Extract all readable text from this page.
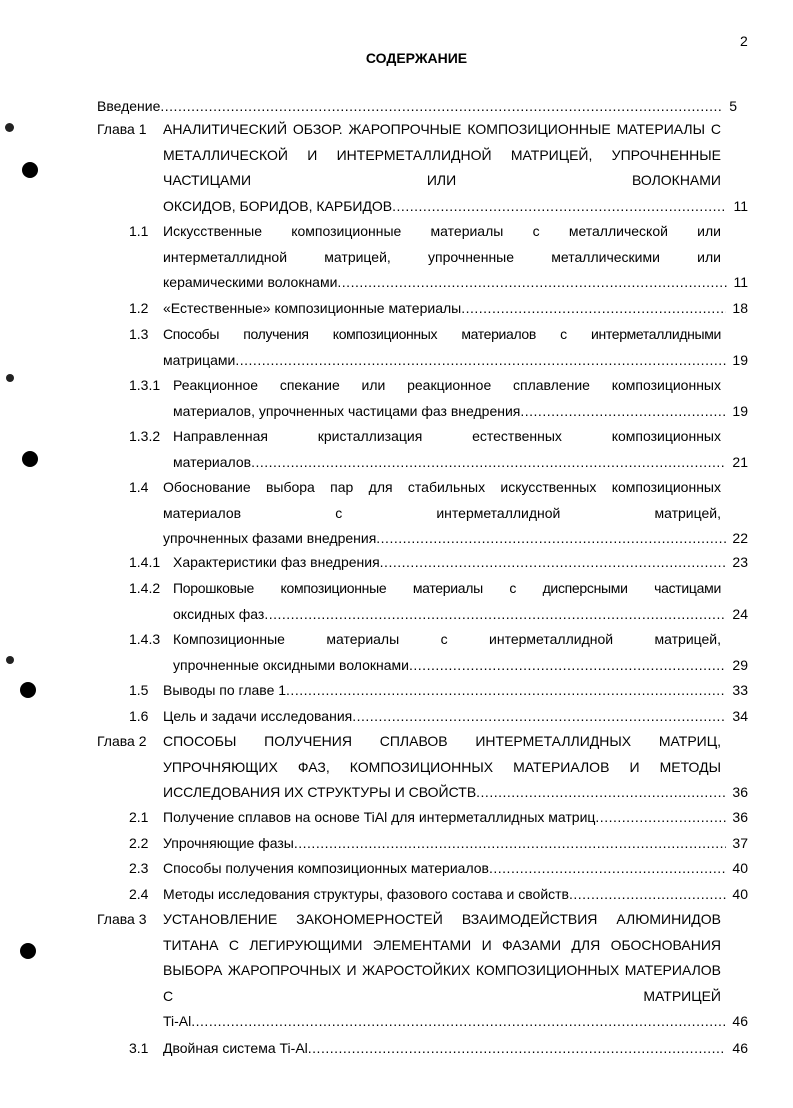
2
СОДЕРЖАНИЕ
Введение .....	5
Глава 1 АНАЛИТИЧЕСКИЙ ОБЗОР. ЖАРОПРОЧНЫЕ КОМПОЗИЦИОННЫЕ МАТЕРИАЛЫ С МЕТАЛЛИЧЕСКОЙ И ИНТЕРМЕТАЛЛИДНОЙ МАТРИЦЕЙ, УПРОЧНЕННЫЕ ЧАСТИЦАМИ ИЛИ ВОЛОКНАМИ
ОКСИДОВ, БОРИДОВ, КАРБИДОВ .....	11
1.1 Искусственные композиционные материалы с металлической или интерметаллидной матрицей, упрочненные металлическими или
керамическими волокнами .....	11
1.2 «Естественные» композиционные материалы .....	18
1.3 Способы получения композиционных материалов с интерметаллидными
матрицами .....	19
1.3.1 Реакционное спекание или реакционное сплавление композиционных
материалов, упрочненных частицами фаз внедрения .....	19
1.3.2 Направленная кристаллизация естественных композиционных
материалов .....	21
1.4 Обоснование выбора пар для стабильных искусственных композиционных материалов с интерметаллидной матрицей,
упрочненных фазами внедрения .....	22
1.4.1 Характеристики фаз внедрения .....	23
1.4.2 Порошковые композиционные материалы с дисперсными частицами
оксидных фаз .....	24
1.4.3 Композиционные материалы с интерметаллидной матрицей,
упрочненные оксидными волокнами .....	29
1.5 Выводы по главе 1 .....	33
1.6 Цель и задачи исследования .....	34
Глава 2 СПОСОБЫ ПОЛУЧЕНИЯ СПЛАВОВ ИНТЕРМЕТАЛЛИДНЫХ МАТРИЦ, УПРОЧНЯЮЩИХ ФАЗ, КОМПОЗИЦИОННЫХ МАТЕРИАЛОВ И МЕТОДЫ
ИССЛЕДОВАНИЯ ИХ СТРУКТУРЫ И СВОЙСТВ .....	36
2.1 Получение сплавов на основе TiAl для интерметаллидных матриц .....	36
2.2 Упрочняющие фазы .....	37
2.3 Способы получения композиционных материалов .....	40
2.4 Методы исследования структуры, фазового состава и свойств .....	40
Глава 3 УСТАНОВЛЕНИЕ ЗАКОНОМЕРНОСТЕЙ ВЗАИМОДЕЙСТВИЯ АЛЮМИНИДОВ ТИТАНА С ЛЕГИРУЮЩИМИ ЭЛЕМЕНТАМИ И ФАЗАМИ ДЛЯ ОБОСНОВАНИЯ ВЫБОРА ЖАРОПРОЧНЫХ И ЖАРОСТОЙКИХ КОМПОЗИЦИОННЫХ МАТЕРИАЛОВ С МАТРИЦЕЙ
Ti-Al .....	46
3.1 Двойная система Ti-Al .....	46
